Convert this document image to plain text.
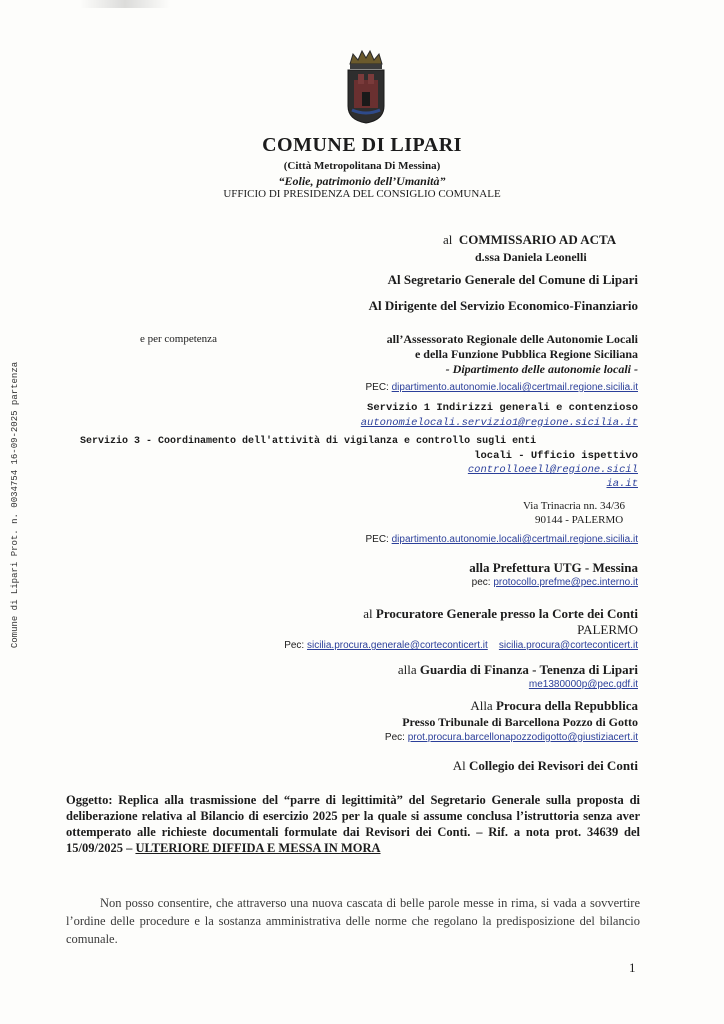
COMUNE DI LIPARI
(Città Metropolitana Di Messina)
“Eolie, patrimonio dell’Umanità”
UFFICIO DI PRESIDENZA DEL CONSIGLIO COMUNALE
Comune di Lipari Prot. n. 0034754 16-09-2025 partenza
al COMMISSARIO AD ACTA
d.ssa Daniela Leonelli
Al Segretario Generale del Comune di Lipari
Al Dirigente del Servizio Economico-Finanziario
e per competenza	all’Assessorato Regionale delle Autonomie Locali
e della Funzione Pubblica Regione Siciliana
- Dipartimento delle autonomie locali -
PEC: dipartimento.autonomie.locali@certmail.regione.sicilia.it
Servizio 1 Indirizzi generali e contenzioso
autonomielocali.servizio1@regione.sicilia.it
Servizio 3 - Coordinamento dell'attività di vigilanza e controllo sugli enti
locali - Ufficio ispettivo
controlloeell@regione.sicil
ia.it
Via Trinacria nn. 34/36
90144 - PALERMO
PEC: dipartimento.autonomie.locali@certmail.regione.sicilia.it
alla Prefettura UTG - Messina
pec: protocollo.prefme@pec.interno.it
al Procuratore Generale presso la Corte dei Conti
PALERMO
Pec: sicilia.procura.generale@corteconticert.it sicilia.procura@corteconticert.it
alla Guardia di Finanza - Tenenza di Lipari
me1380000p@pec.gdf.it
Alla Procura della Repubblica
Presso Tribunale di Barcellona Pozzo di Gotto
Pec: prot.procura.barcellonapozzodigotto@giustiziacert.it
Al Collegio dei Revisori dei Conti
Oggetto: Replica alla trasmissione del “parre di legittimità” del Segretario Generale sulla proposta di deliberazione relativa al Bilancio di esercizio 2025 per la quale si assume conclusa l’istruttoria senza aver ottemperato alle richieste documentali formulate dai Revisori dei Conti. – Rif. a nota prot. 34639 del 15/09/2025 – ULTERIORE DIFFIDA E MESSA IN MORA
Non posso consentire, che attraverso una nuova cascata di belle parole messe in rima, si vada a sovvertire l’ordine delle procedure e la sostanza amministrativa delle norme che regolano la predisposizione del bilancio comunale.
1
